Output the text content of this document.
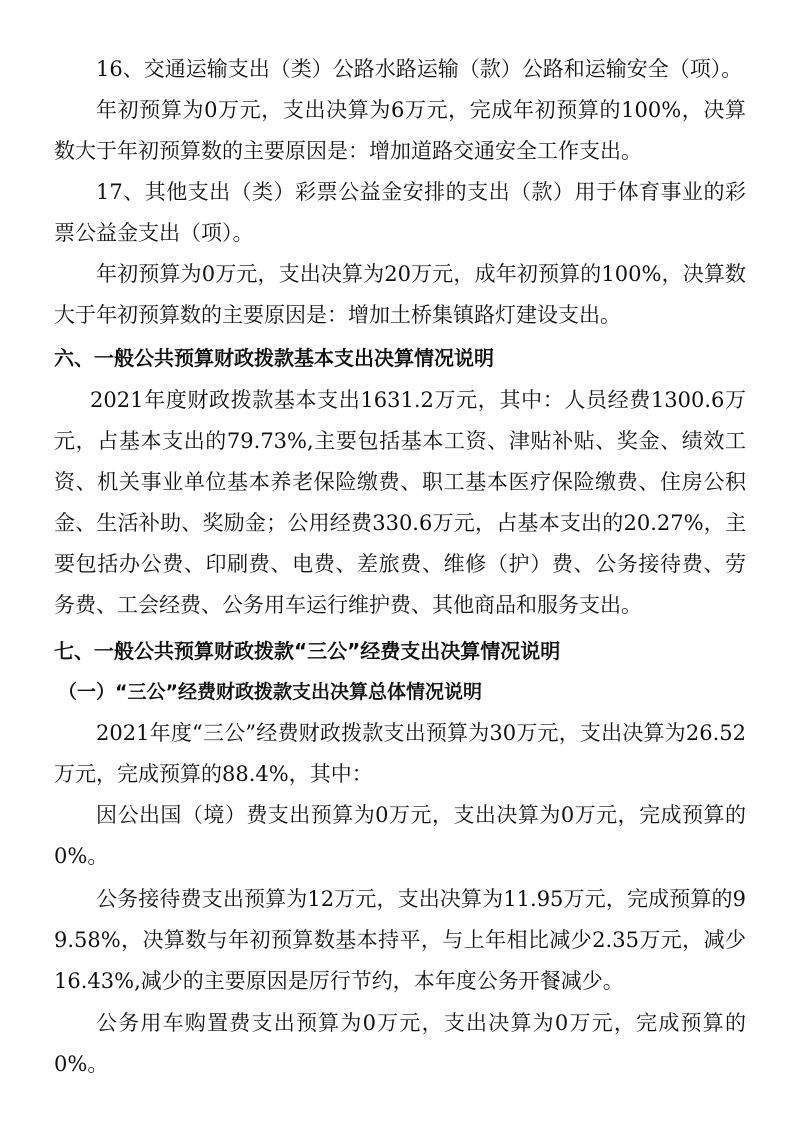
16、交通运输支出（类）公路水路运输（款）公路和运输安全（项）。

年初预算为0万元，支出决算为6万元，完成年初预算的100%，决算数大于年初预算数的主要原因是：增加道路交通安全工作支出。

17、其他支出（类）彩票公益金安排的支出（款）用于体育事业的彩票公益金支出（项）。

年初预算为0万元，支出决算为20万元，成年初预算的100%，决算数大于年初预算数的主要原因是：增加土桥集镇路灯建设支出。

六、一般公共预算财政拨款基本支出决算情况说明

2021年度财政拨款基本支出1631.2万元，其中：人员经费1300.6万元，占基本支出的79.73%,主要包括基本工资、津贴补贴、奖金、绩效工资、机关事业单位基本养老保险缴费、职工基本医疗保险缴费、住房公积金、生活补助、奖励金；公用经费330.6万元，占基本支出的20.27%，主要包括办公费、印刷费、电费、差旅费、维修（护）费、公务接待费、劳务费、工会经费、公务用车运行维护费、其他商品和服务支出。

七、一般公共预算财政拨款“三公”经费支出决算情况说明
（一）“三公”经费财政拨款支出决算总体情况说明

2021年度“三公”经费财政拨款支出预算为30万元，支出决算为26.52万元，完成预算的88.4%，其中：

因公出国（境）费支出预算为0万元，支出决算为0万元，完成预算的0%。

公务接待费支出预算为12万元，支出决算为11.95万元，完成预算的99.58%，决算数与年初预算数基本持平，与上年相比减少2.35万元，减少16.43%,减少的主要原因是厉行节约，本年度公务开餐减少。

公务用车购置费支出预算为0万元，支出决算为0万元，完成预算的0%。
